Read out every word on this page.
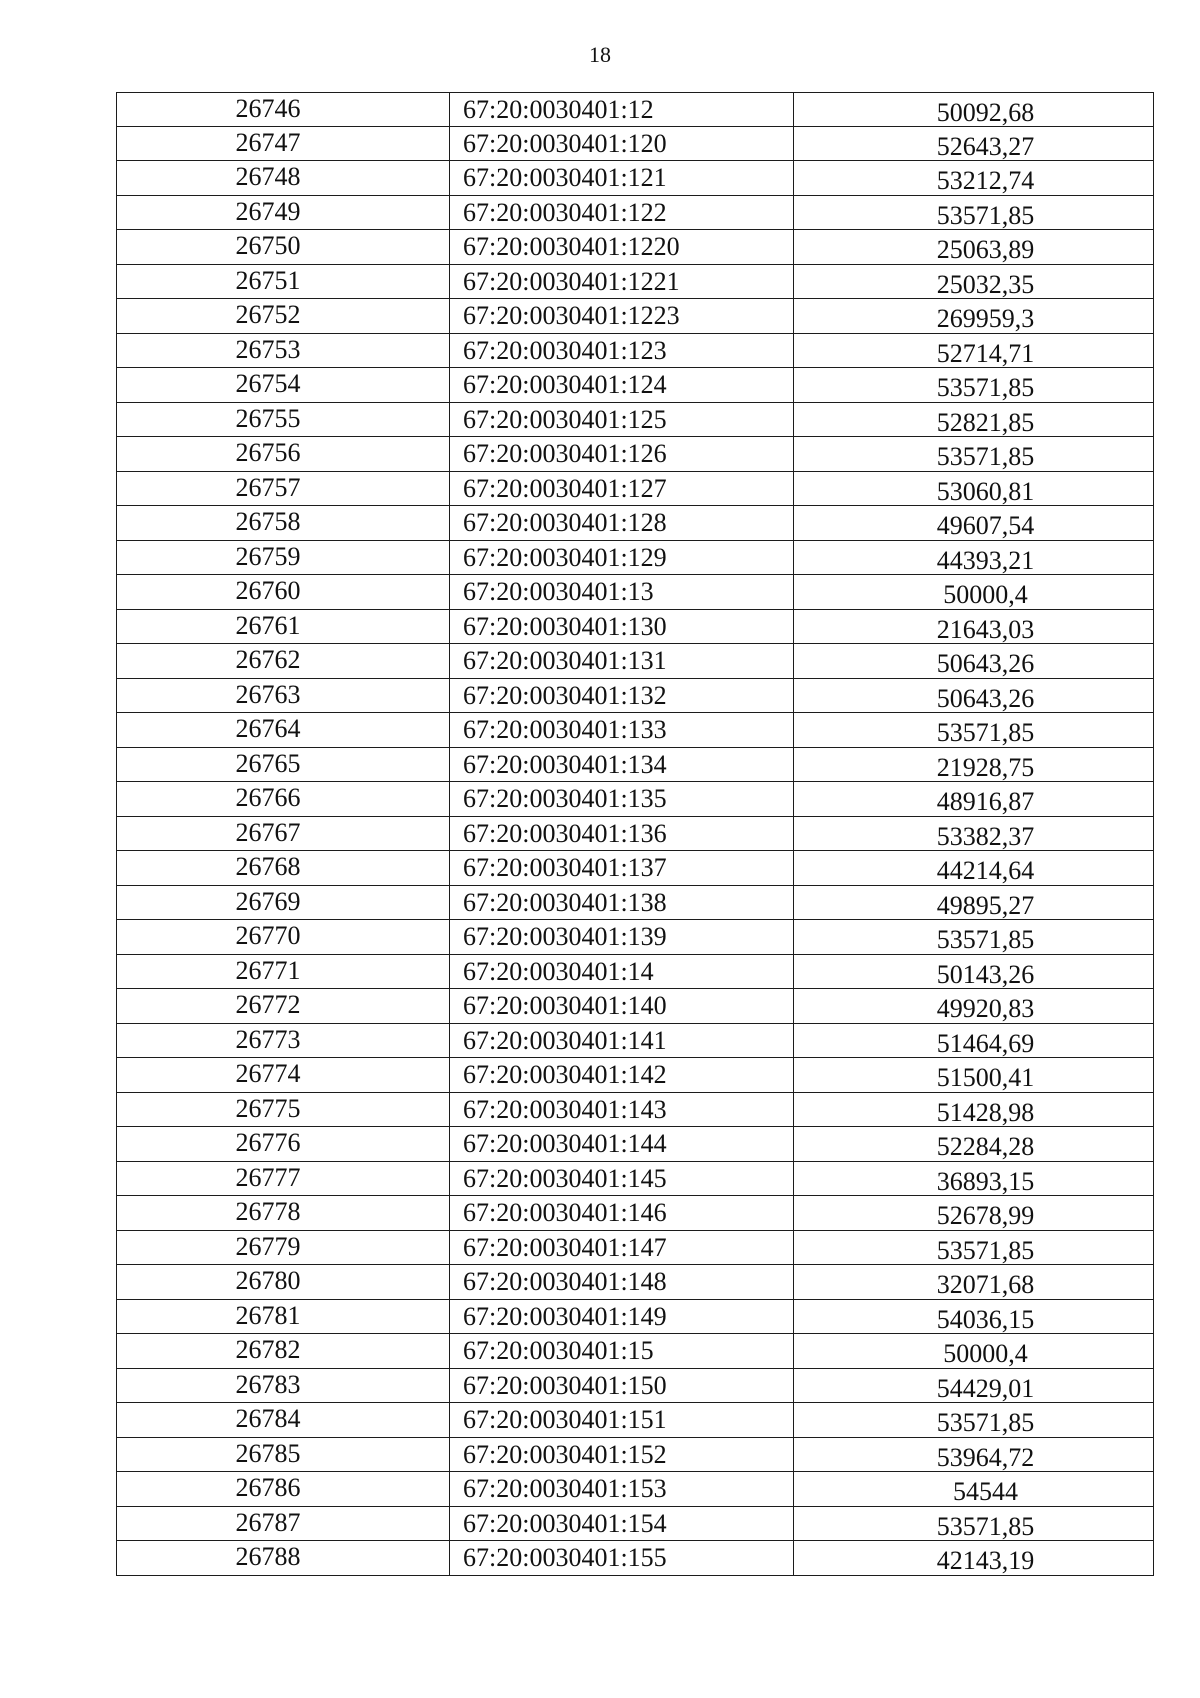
18
26746	67:20:0030401:12	50092,68
26747	67:20:0030401:120	52643,27
26748	67:20:0030401:121	53212,74
26749	67:20:0030401:122	53571,85
26750	67:20:0030401:1220	25063,89
26751	67:20:0030401:1221	25032,35
26752	67:20:0030401:1223	269959,3
26753	67:20:0030401:123	52714,71
26754	67:20:0030401:124	53571,85
26755	67:20:0030401:125	52821,85
26756	67:20:0030401:126	53571,85
26757	67:20:0030401:127	53060,81
26758	67:20:0030401:128	49607,54
26759	67:20:0030401:129	44393,21
26760	67:20:0030401:13	50000,4
26761	67:20:0030401:130	21643,03
26762	67:20:0030401:131	50643,26
26763	67:20:0030401:132	50643,26
26764	67:20:0030401:133	53571,85
26765	67:20:0030401:134	21928,75
26766	67:20:0030401:135	48916,87
26767	67:20:0030401:136	53382,37
26768	67:20:0030401:137	44214,64
26769	67:20:0030401:138	49895,27
26770	67:20:0030401:139	53571,85
26771	67:20:0030401:14	50143,26
26772	67:20:0030401:140	49920,83
26773	67:20:0030401:141	51464,69
26774	67:20:0030401:142	51500,41
26775	67:20:0030401:143	51428,98
26776	67:20:0030401:144	52284,28
26777	67:20:0030401:145	36893,15
26778	67:20:0030401:146	52678,99
26779	67:20:0030401:147	53571,85
26780	67:20:0030401:148	32071,68
26781	67:20:0030401:149	54036,15
26782	67:20:0030401:15	50000,4
26783	67:20:0030401:150	54429,01
26784	67:20:0030401:151	53571,85
26785	67:20:0030401:152	53964,72
26786	67:20:0030401:153	54544
26787	67:20:0030401:154	53571,85
26788	67:20:0030401:155	42143,19
